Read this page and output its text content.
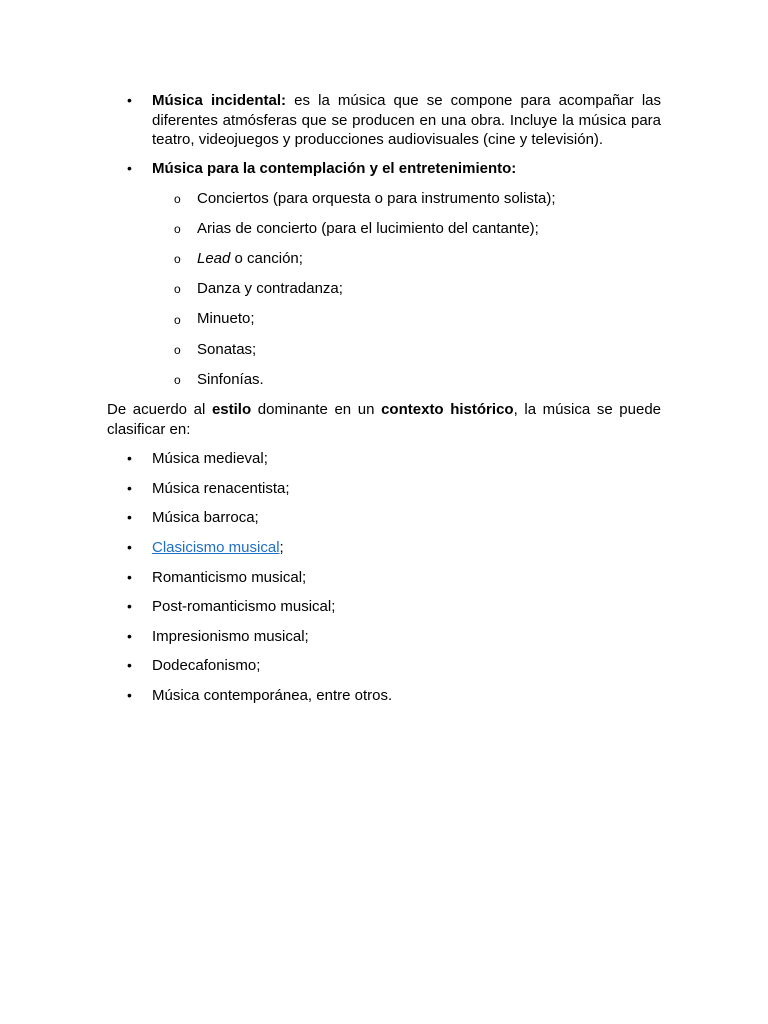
• Música incidental: es la música que se compone para acompañar las
diferentes atmósferas que se producen en una obra. Incluye la música para
teatro, videojuegos y producciones audiovisuales (cine y televisión).
• Música para la contemplación y el entretenimiento:
o Conciertos (para orquesta o para instrumento solista);
o Arias de concierto (para el lucimiento del cantante);
o Lead o canción;
o Danza y contradanza;
o Minueto;
o Sonatas;
o Sinfonías.
De acuerdo al estilo dominante en un contexto histórico, la música se puede
clasificar en:
• Música medieval;
• Música renacentista;
• Música barroca;
• Clasicismo musical;
• Romanticismo musical;
• Post-romanticismo musical;
• Impresionismo musical;
• Dodecafonismo;
• Música contemporánea, entre otros.
